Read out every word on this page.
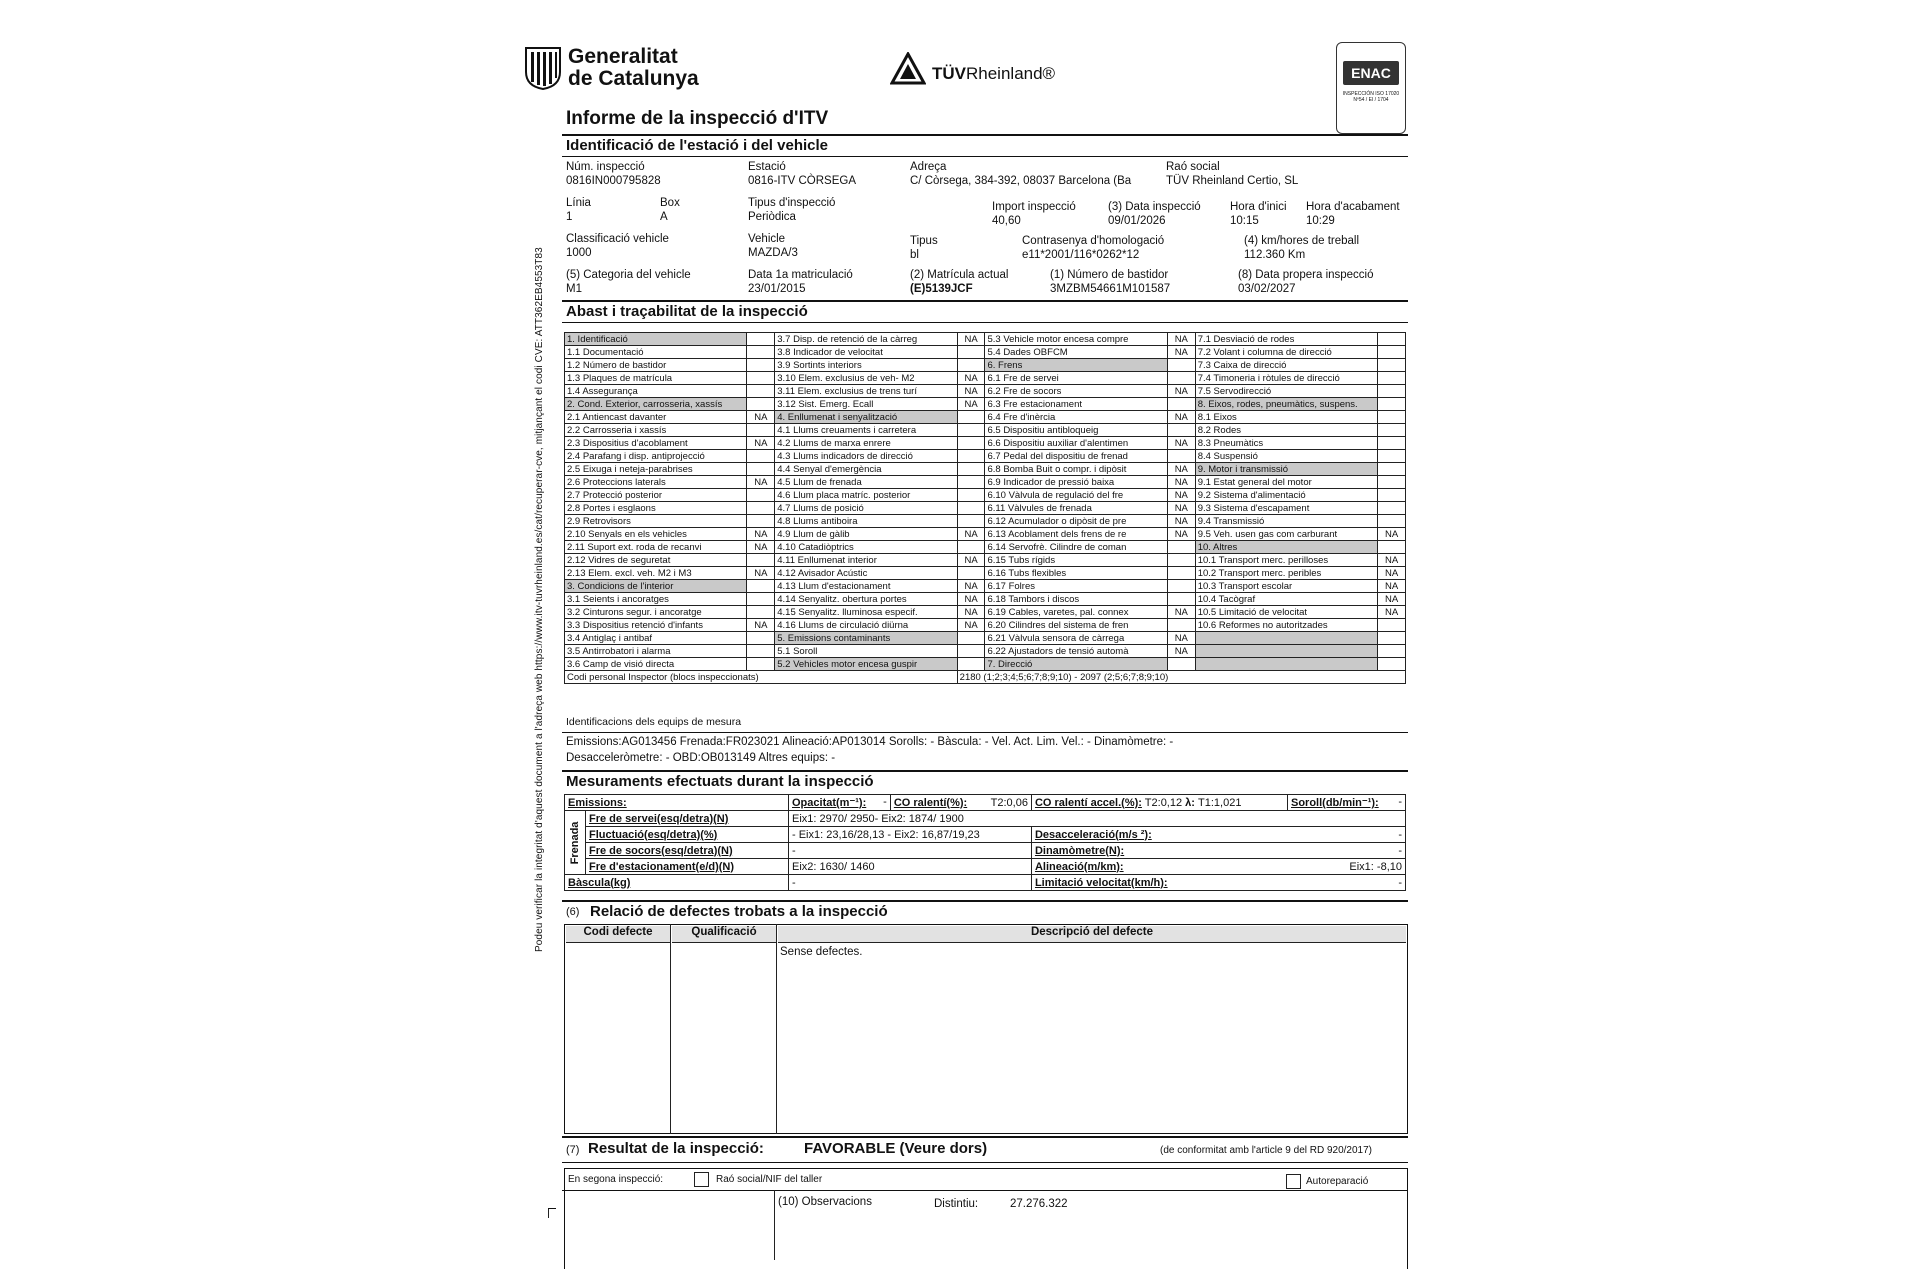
Podeu verificar la integritat d'aquest document a l'adreça web https://www.itv-tuvrheinland.es/cat/recuperar-cve, mitjançant el codi CVE: ATT362EB4553T83
Generalitat
de Catalunya	TÜVRheinland®	ENAC
INSPECCIÓN ISO 17020 Nº54 / EI / 1704
Informe de la inspecció d'ITV
Identificació de l'estació i del vehicle
Núm. inspecció
0816IN000795828
Estació
0816-ITV CÒRSEGA
Adreça
C/ Còrsega, 384-392, 08037 Barcelona (Ba
Raó social
TÜV Rheinland Certio, SL
Línia
1
Box
A
Tipus d'inspecció
Periòdica
Import inspecció
40,60
(3) Data inspecció
09/01/2026
Hora d'inici
10:15
Hora d'acabament
10:29
Classificació vehicle
1000
Vehicle
MAZDA/3
Tipus
bl
Contrasenya d'homologació
e11*2001/116*0262*12
(4) km/hores de treball
112.360 Km
(5) Categoria del vehicle
M1
Data 1a matriculació
23/01/2015
(2) Matrícula actual
(E)5139JCF
(1) Número de bastidor
3MZBM54661M101587
(8) Data propera inspecció
03/02/2027
Abast i traçabilitat de la inspecció
1. Identificació		3.7 Disp. de retenció de la càrreg	NA	5.3 Vehicle motor encesa compre	NA	7.1 Desviació de rodes	
1.1 Documentació		3.8 Indicador de velocitat		5.4 Dades OBFCM	NA	7.2 Volant i columna de direcció	
1.2 Número de bastidor		3.9 Sortints interiors		6. Frens		7.3 Caixa de direcció	
1.3 Plaques de matrícula		3.10 Elem. exclusius de veh- M2	NA	6.1 Fre de servei		7.4 Timoneria i ròtules de direcció	
1.4 Assegurança		3.11 Elem. exclusius de trens turí	NA	6.2 Fre de socors	NA	7.5 Servodirecció	
2. Cond. Exterior, carrosseria, xassís		3.12 Sist. Emerg. Ecall	NA	6.3 Fre estacionament		8. Eixos, rodes, pneumàtics, suspens.	
2.1 Antiencast davanter	NA	4. Enllumenat i senyalització		6.4 Fre d'inèrcia	NA	8.1 Eixos	
2.2 Carrosseria i xassís		4.1 Llums creuaments i carretera		6.5 Dispositiu antibloqueig		8.2 Rodes	
2.3 Dispositius d'acoblament	NA	4.2 Llums de marxa enrere		6.6 Dispositiu auxiliar d'alentimen	NA	8.3 Pneumàtics	
2.4 Parafang i disp. antiprojecció		4.3 Llums indicadors de direcció		6.7 Pedal del dispositiu de frenad		8.4 Suspensió	
2.5 Eixuga i neteja-parabrises		4.4 Senyal d'emergència		6.8 Bomba Buit o compr. i dipòsit	NA	9. Motor i transmissió	
2.6 Proteccions laterals	NA	4.5 Llum de frenada		6.9 Indicador de pressió baixa	NA	9.1 Estat general del motor	
2.7 Protecció posterior		4.6 Llum placa matríc. posterior		6.10 Vàlvula de regulació del fre	NA	9.2 Sistema d'alimentació	
2.8 Portes i esglaons		4.7 Llums de posició		6.11 Vàlvules de frenada	NA	9.3 Sistema d'escapament	
2.9 Retrovisors		4.8 Llums antiboira		6.12 Acumulador o dipòsit de pre	NA	9.4 Transmissió	
2.10 Senyals en els vehicles	NA	4.9 Llum de gàlib	NA	6.13 Acoblament dels frens de re	NA	9.5 Veh. usen gas com carburant	NA
2.11 Suport ext. roda de recanvi	NA	4.10 Catadiòptrics		6.14 Servofrè. Cilindre de coman		10. Altres	
2.12 Vidres de seguretat		4.11 Enllumenat interior	NA	6.15 Tubs rígids		10.1 Transport merc. perilloses	NA
2.13 Elem. excl. veh. M2 i M3	NA	4.12 Avisador Acústic		6.16 Tubs flexibles		10.2 Transport merc. peribles	NA
3. Condicions de l'interior		4.13 Llum d'estacionament	NA	6.17 Folres		10.3 Transport escolar	NA
3.1 Seients i ancoratges		4.14 Senyalitz. obertura portes	NA	6.18 Tambors i discos		10.4 Tacògraf	NA
3.2 Cinturons segur. i ancoratge		4.15 Senyalitz. lluminosa especif.	NA	6.19 Cables, varetes, pal. connex	NA	10.5 Limitació de velocitat	NA
3.3 Dispositius retenció d'infants	NA	4.16 Llums de circulació diürna	NA	6.20 Cilindres del sistema de fren		10.6 Reformes no autoritzades	
3.4 Antiglaç i antibaf		5. Emissions contaminants		6.21 Vàlvula sensora de càrrega	NA		
3.5 Antirrobatori i alarma		5.1 Soroll		6.22 Ajustadors de tensió automà	NA		
3.6 Camp de visió directa		5.2 Vehicles motor encesa guspir		7. Direcció			
Codi personal Inspector (blocs inspeccionats)			2180 (1;2;3;4;5;6;7;8;9;10) - 2097 (2;5;6;7;8;9;10)				
Identificacions dels equips de mesura
Emissions:AG013456 Frenada:FR023021 Alineació:AP013014 Sorolls: - Bàscula: - Vel. Act. Lim. Vel.: - Dinamòmetre: -
Desacceleròmetre: - OBD:OB013149 Altres equips: -
Mesuraments efectuats durant la inspecció
Emissions:		Opacitat(m⁻¹): -	CO ralentí(%): T2:0,06	CO ralentí accel.(%): T2:0,12 λ: T1:1,021	Soroll(db/min⁻¹): -

Frenada	Fre de servei(esq/detra)(N)	Eix1: 2970/ 2950- Eix2: 1874/ 1900			
	Fluctuació(esq/detra)(%)	- Eix1: 23,16/28,13 - Eix2: 16,87/19,23		Desacceleració(m/s ²): -	

	Fre de socors(esq/detra)(N)	-		Dinamòmetre(N): -	

	Fre d'estacionament(e/d)(N)	Eix2: 1630/ 1460		Alineació(m/km): Eix1: -8,10	

Bàscula(kg)		-		Limitació velocitat(km/h): -	
(6) Relació de defectes trobats a la inspecció
Codi defecte	Qualificació	Descripció del defecte
Sense defectes.
(7) Resultat de la inspecció:	FAVORABLE (Veure dors)	(de conformitat amb l'article 9 del RD 920/2017)
En segona inspecció:	Raó social/NIF del taller	Autoreparació
(10) Observacions	Distintiu:	27.276.322
